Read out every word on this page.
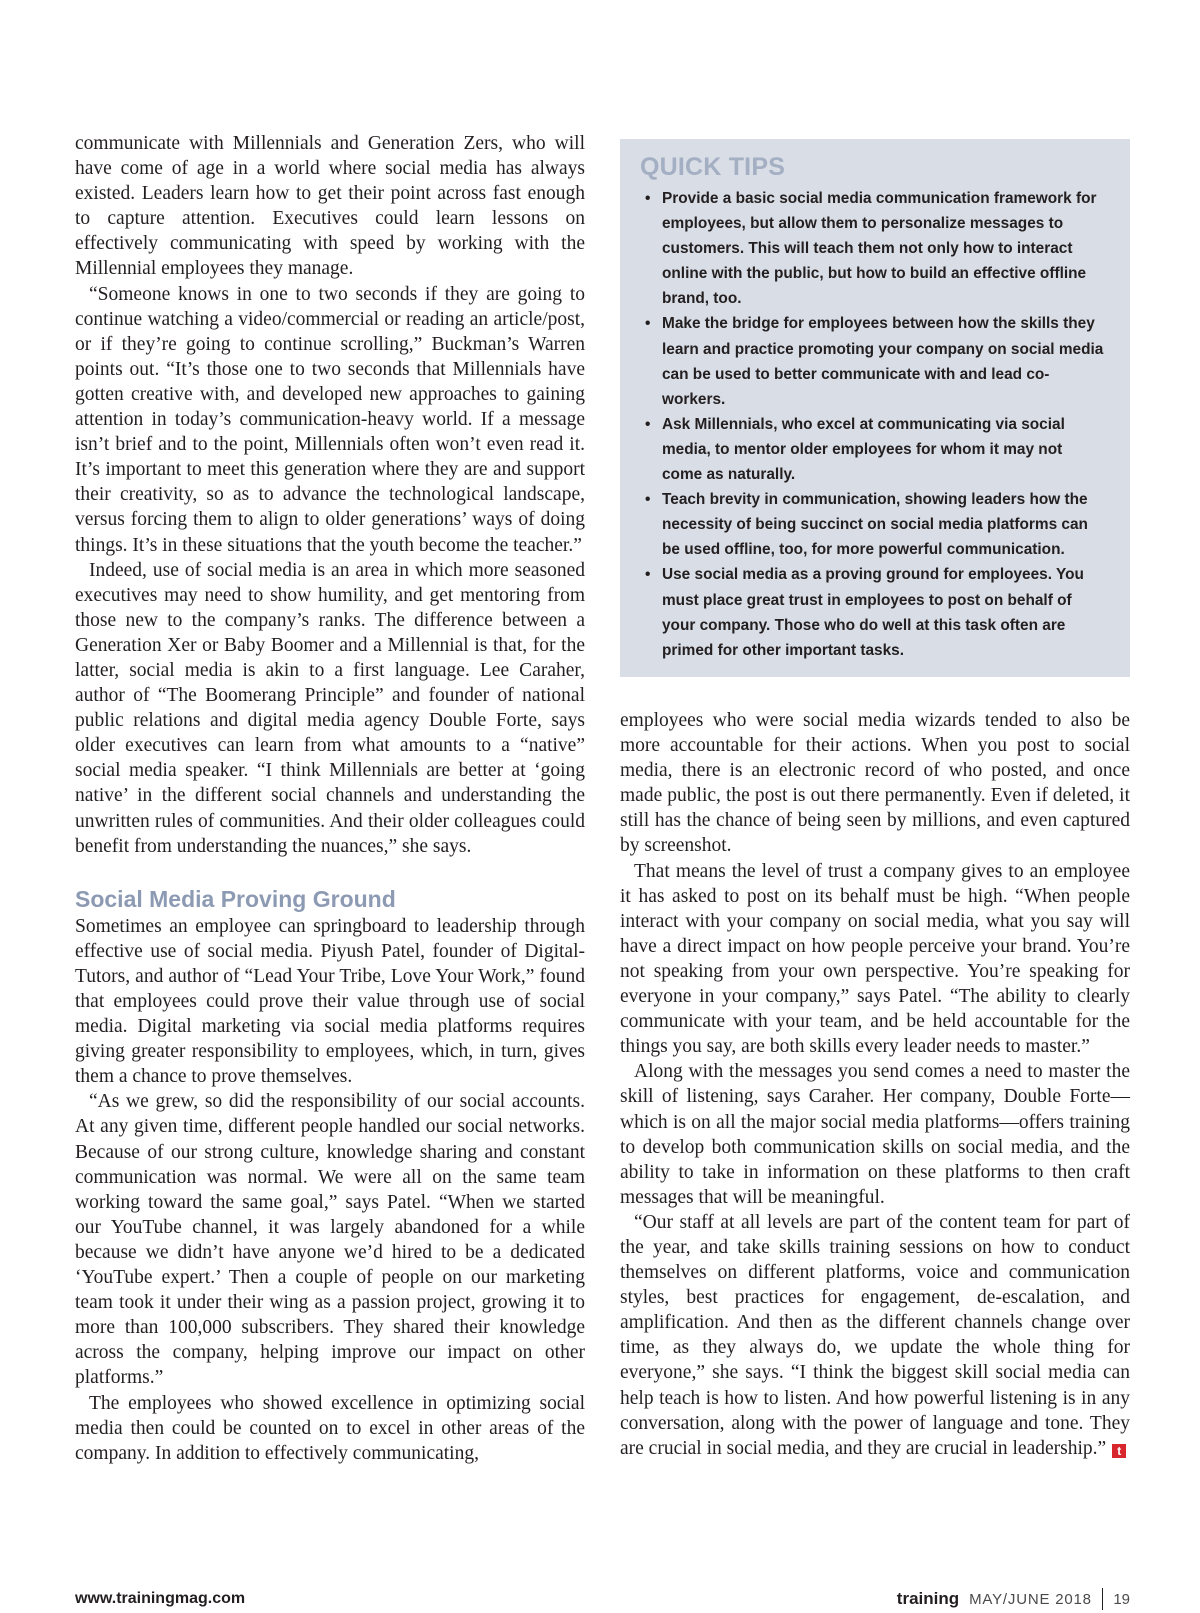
communicate with Millennials and Generation Zers, who will have come of age in a world where social media has always existed. Leaders learn how to get their point across fast enough to capture attention. Executives could learn lessons on effectively communicating with speed by working with the Millennial employees they manage.

“Someone knows in one to two seconds if they are going to continue watching a video/commercial or reading an article/post, or if they’re going to continue scrolling,” Buckman’s Warren points out. “It’s those one to two seconds that Millennials have gotten creative with, and developed new approaches to gaining attention in today’s communication-heavy world. If a message isn’t brief and to the point, Millennials often won’t even read it. It’s important to meet this generation where they are and support their creativity, so as to advance the technological landscape, versus forcing them to align to older generations’ ways of doing things. It’s in these situations that the youth become the teacher.”

Indeed, use of social media is an area in which more seasoned executives may need to show humility, and get mentoring from those new to the company’s ranks. The difference between a Generation Xer or Baby Boomer and a Millennial is that, for the latter, social media is akin to a first language. Lee Caraher, author of “The Boomerang Principle” and founder of national public relations and digital media agency Double Forte, says older executives can learn from what amounts to a “native” social media speaker. “I think Millennials are better at ‘going native’ in the different social channels and understanding the unwritten rules of communities. And their older colleagues could benefit from understanding the nuances,” she says.

Social Media Proving Ground

Sometimes an employee can springboard to leadership through effective use of social media. Piyush Patel, founder of Digital-Tutors, and author of “Lead Your Tribe, Love Your Work,” found that employees could prove their value through use of social media. Digital marketing via social media platforms requires giving greater responsibility to employees, which, in turn, gives them a chance to prove themselves.

“As we grew, so did the responsibility of our social accounts. At any given time, different people handled our social networks. Because of our strong culture, knowledge sharing and constant communication was normal. We were all on the same team working toward the same goal,” says Patel. “When we started our YouTube channel, it was largely abandoned for a while because we didn’t have anyone we’d hired to be a dedicated ‘YouTube expert.’ Then a couple of people on our marketing team took it under their wing as a passion project, growing it to more than 100,000 subscribers. They shared their knowledge across the company, helping improve our impact on other platforms.”

The employees who showed excellence in optimizing social media then could be counted on to excel in other areas of the company. In addition to effectively communicating,

QUICK TIPS
• Provide a basic social media communication framework for employees, but allow them to personalize messages to customers. This will teach them not only how to interact online with the public, but how to build an effective offline brand, too.
• Make the bridge for employees between how the skills they learn and practice promoting your company on social media can be used to better communicate with and lead co-workers.
• Ask Millennials, who excel at communicating via social media, to mentor older employees for whom it may not come as naturally.
• Teach brevity in communication, showing leaders how the necessity of being succinct on social media platforms can be used offline, too, for more powerful communication.
• Use social media as a proving ground for employees. You must place great trust in employees to post on behalf of your company. Those who do well at this task often are primed for other important tasks.

employees who were social media wizards tended to also be more accountable for their actions. When you post to social media, there is an electronic record of who posted, and once made public, the post is out there permanently. Even if deleted, it still has the chance of being seen by millions, and even captured by screenshot.

That means the level of trust a company gives to an employee it has asked to post on its behalf must be high. “When people interact with your company on social media, what you say will have a direct impact on how people perceive your brand. You’re not speaking from your own perspective. You’re speaking for everyone in your company,” says Patel. “The ability to clearly communicate with your team, and be held accountable for the things you say, are both skills every leader needs to master.”

Along with the messages you send comes a need to master the skill of listening, says Caraher. Her company, Double Forte—which is on all the major social media platforms—offers training to develop both communication skills on social media, and the ability to take in information on these platforms to then craft messages that will be meaningful.

“Our staff at all levels are part of the content team for part of the year, and take skills training sessions on how to conduct themselves on different platforms, voice and communication styles, best practices for engagement, de-escalation, and amplification. And then as the different channels change over time, as they always do, we update the whole thing for everyone,” she says. “I think the biggest skill social media can help teach is how to listen. And how powerful listening is in any conversation, along with the power of language and tone. They are crucial in social media, and they are crucial in leadership.” t

www.trainingmag.com	training MAY/JUNE 2018 19
